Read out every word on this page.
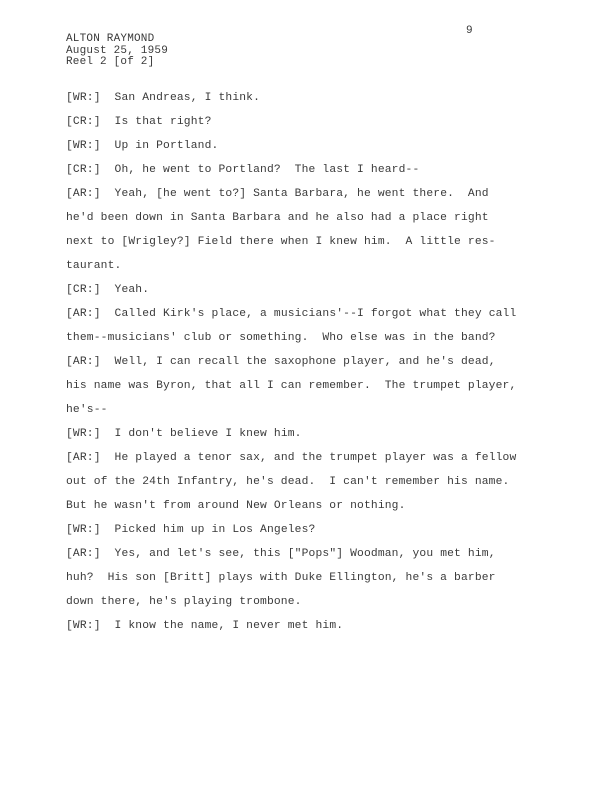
9
ALTON RAYMOND
August 25, 1959
Reel 2 [of 2]
[WR:] San Andreas, I think.
[CR:] Is that right?
[WR:] Up in Portland.
[CR:] Oh, he went to Portland?  The last I heard--
[AR:] Yeah, [he went to?] Santa Barbara, he went there.  And
he'd been down in Santa Barbara and he also had a place right
next to [Wrigley?] Field there when I knew him.  A little res-
taurant.
[CR:] Yeah.
[AR:] Called Kirk's place, a musicians'--I forgot what they call
them--musicians' club or something.  Who else was in the band?
[AR:] Well, I can recall the saxophone player, and he's dead,
his name was Byron, that all I can remember.  The trumpet player,
he's--
[WR:] I don't believe I knew him.
[AR:] He played a tenor sax, and the trumpet player was a fellow
out of the 24th Infantry, he's dead.  I can't remember his name.
But he wasn't from around New Orleans or nothing.
[WR:] Picked him up in Los Angeles?
[AR:] Yes, and let's see, this ["Pops"] Woodman, you met him,
huh?  His son [Britt] plays with Duke Ellington, he's a barber
down there, he's playing trombone.
[WR:] I know the name, I never met him.
